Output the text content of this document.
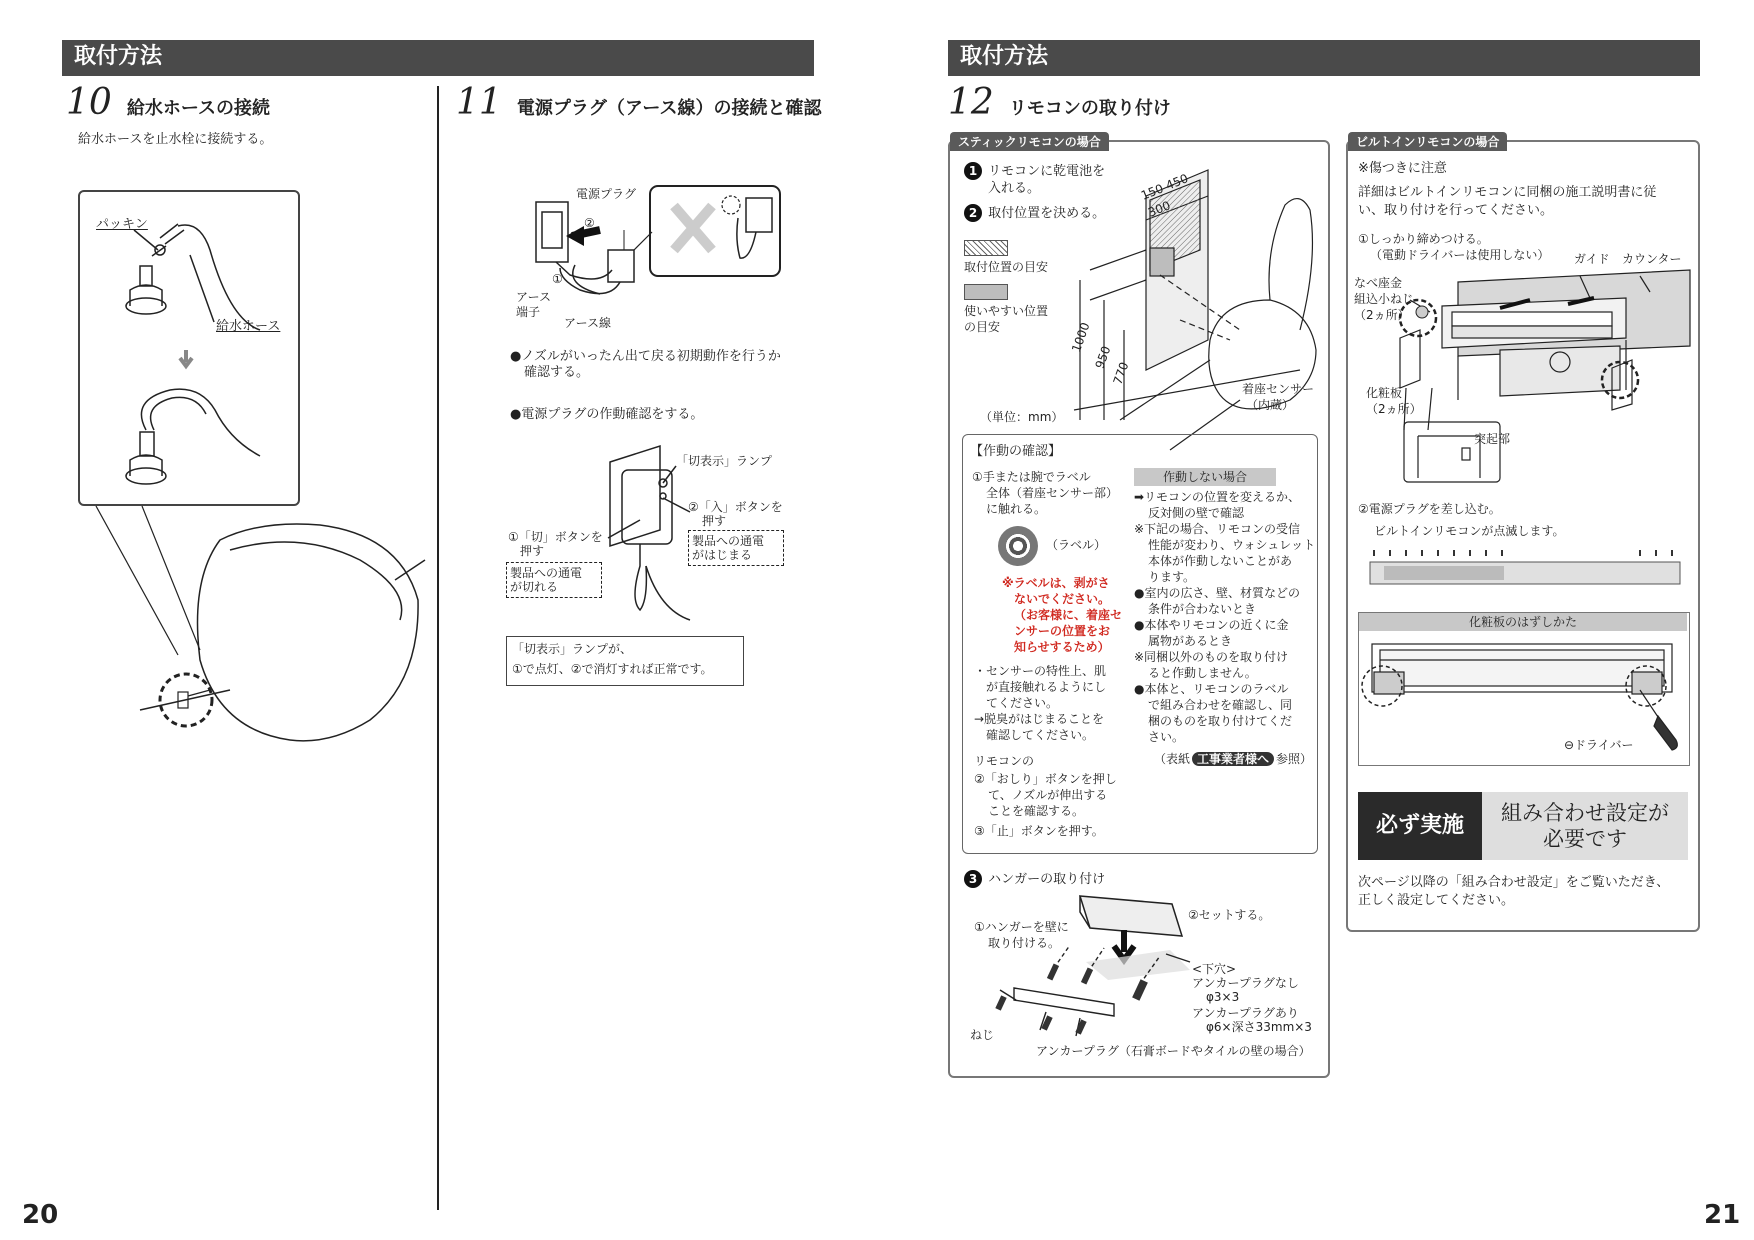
取付方法
10 給水ホースの接続
給水ホースを止水栓に接続する。
パッキン
給水ホース
11 電源プラグ（アース線）の接続と確認
電源プラグ
②
①
アース
端子
アース線
●ノズルがいったん出て戻る初期動作を行うか
確認する。
●電源プラグの作動確認をする。
「切表示」ランプ
②「入」ボタンを
押す
製品への通電
がはじまる
①「切」ボタンを
押す
製品への通電
が切れる
「切表示」ランプが、
①で点灯、②で消灯すれば正常です。
20
取付方法
12 リモコンの取り付け
スティックリモコンの場合
1 リモコンに乾電池を
入れる。
2 取付位置を決める。
取付位置の目安
使いやすい位置
の目安
150 450
300
1000
950
770
着座センサー
（内蔵）
（単位：mm）
【作動の確認】
①手または腕でラベル
全体（着座センサー部）
に触れる。
（ラベル）
※ラベルは、剥がさ
ないでください。
（お客様に、着座セ
ンサーの位置をお
知らせするため）
・センサーの特性上、肌
が直接触れるようにし
てください。
→脱臭がはじまることを
確認してください。
リモコンの
②「おしり」ボタンを押し
て、ノズルが伸出する
ことを確認する。
③「止」ボタンを押す。
作動しない場合
➡リモコンの位置を変えるか、
反対側の壁で確認
※下記の場合、リモコンの受信
性能が変わり、ウォシュレット
本体が作動しないことがあ
ります。
●室内の広さ、壁、材質などの
条件が合わないとき
●本体やリモコンの近くに金
属物があるとき
※同梱以外のものを取り付け
ると作動しません。
●本体と、リモコンのラベル
で組み合わせを確認し、同
梱のものを取り付けてくだ
さい。
（表紙 工事業者様へ 参照）
3 ハンガーの取り付け
①ハンガーを壁に
取り付ける。
②セットする。
<下穴>
アンカープラグなし
φ3×3
アンカープラグあり
φ6×深さ33mm×3
ねじ
アンカープラグ（石膏ボードやタイルの壁の場合）
ビルトインリモコンの場合
※傷つきに注意
詳細はビルトインリモコンに同梱の施工説明書に従
い、取り付けを行ってください。
①しっかり締めつける。
（電動ドライバーは使用しない） ガイド カウンター
なべ座金
組込小ねじ
（2ヵ所）
化粧板
（2ヵ所）
突起部
②電源プラグを差し込む。
ビルトインリモコンが点滅します。
化粧板のはずしかた
⊖ドライバー
必ず実施	組み合わせ設定が
必要です
次ページ以降の「組み合わせ設定」をご覧いただき、
正しく設定してください。
21
